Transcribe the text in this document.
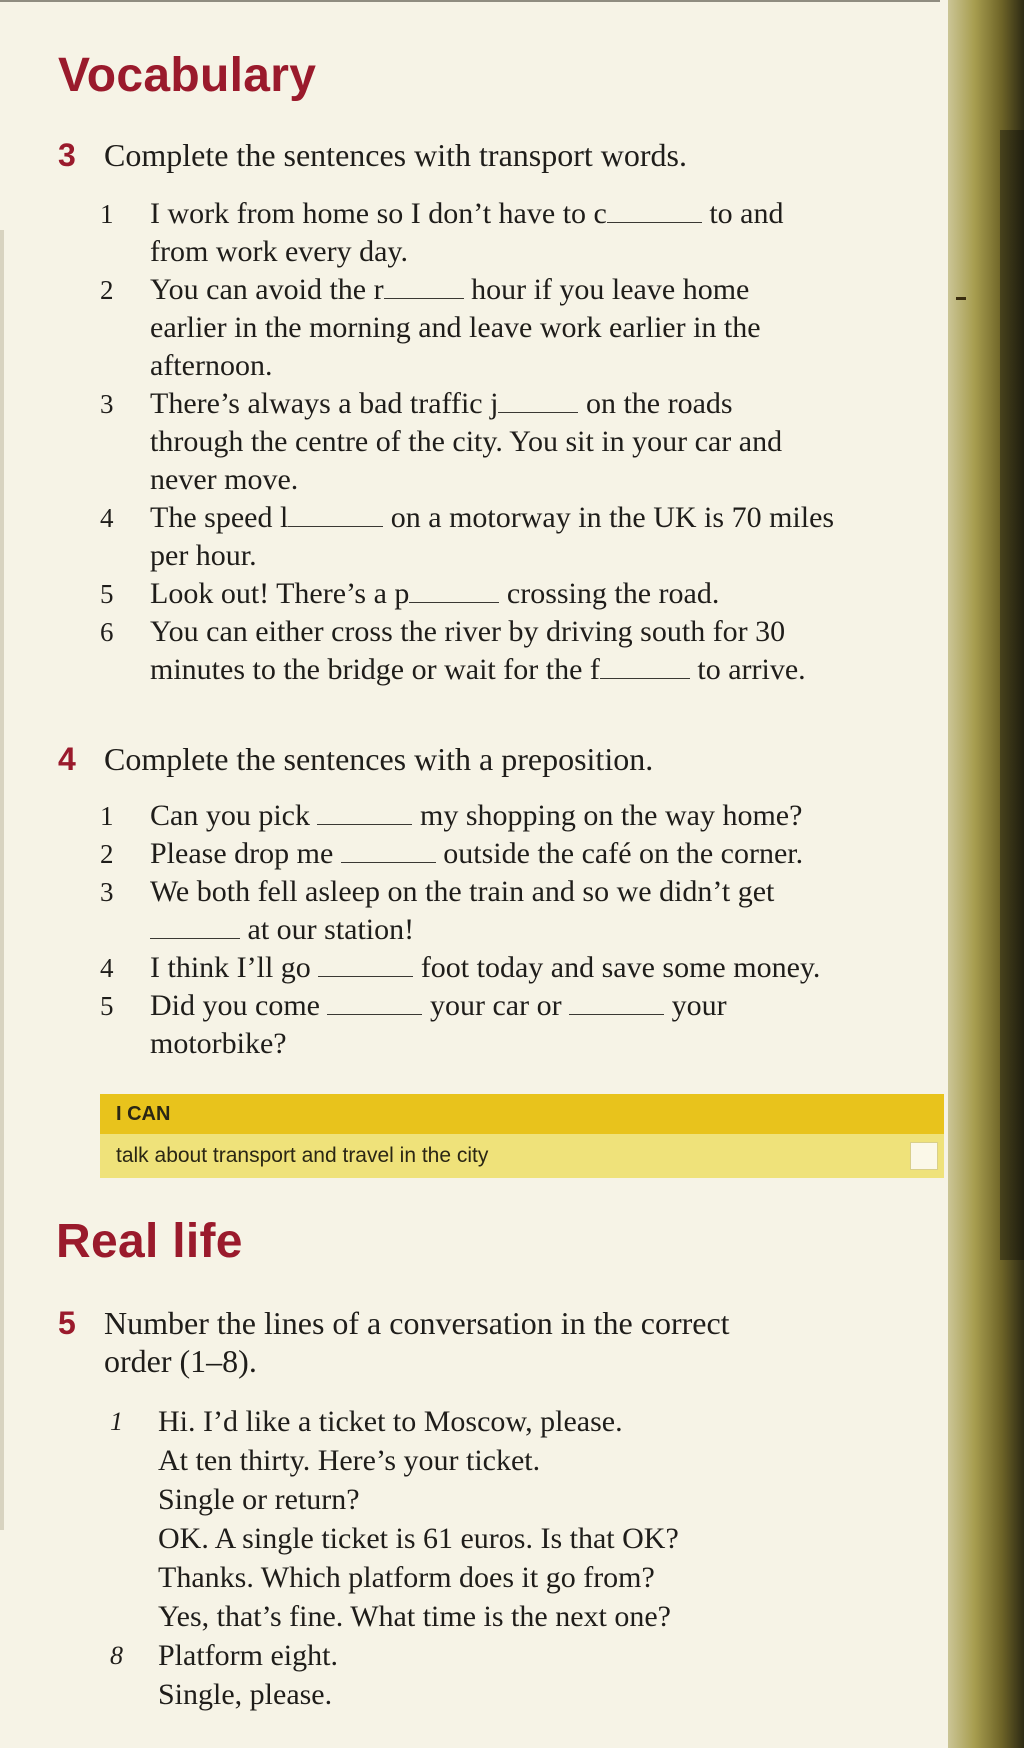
Vocabulary
3 Complete the sentences with transport words.
1	I work from home so I don’t have to c	to and
from work every day.
2	You can avoid the r	hour if you leave home
earlier in the morning and leave work earlier in the
afternoon.
3	There’s always a bad traffic j	on the roads
through the centre of the city. You sit in your car and
never move.
4	The speed l	on a motorway in the UK is 70 miles
per hour.
5	Look out! There’s a p	crossing the road.
6	You can either cross the river by driving south for 30
minutes to the bridge or wait for the f	to arrive.
4 Complete the sentences with a preposition.
1	Can you pick	my shopping on the way home?
2	Please drop me	outside the café on the corner.
3	We both fell asleep on the train and so we didn’t get
at our station!
4	I think I’ll go	foot today and save some money.
5	Did you come	your car or	your
motorbike?
I CAN
talk about transport and travel in the city
Real life
5 Number the lines of a conversation in the correct
order (1–8).
1	Hi. I’d like a ticket to Moscow, please.
At ten thirty. Here’s your ticket.
Single or return?
OK. A single ticket is 61 euros. Is that OK?
Thanks. Which platform does it go from?
Yes, that’s fine. What time is the next one?
8	Platform eight.
Single, please.
